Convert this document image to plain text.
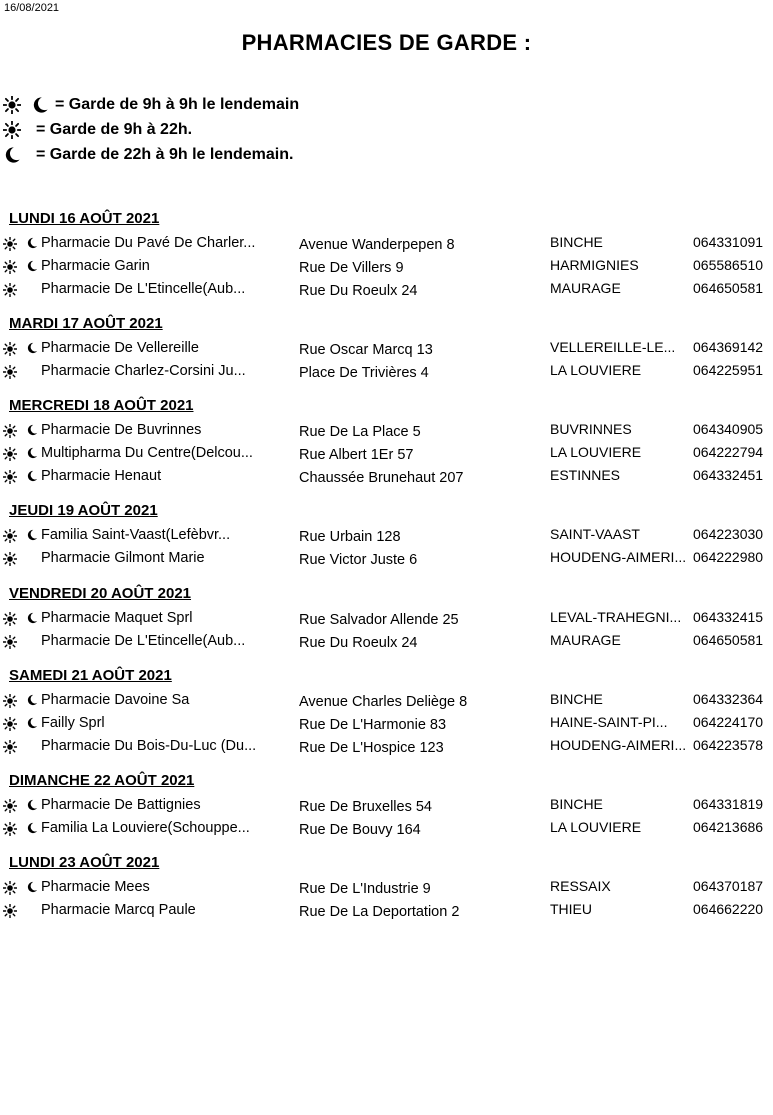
16/08/2021
PHARMACIES DE GARDE :
= Garde de 9h à 9h le lendemain
= Garde de 9h à 22h.
= Garde de 22h à 9h le lendemain.
LUNDI 16 AOÛT 2021
Pharmacie Du Pavé De Charler...	Avenue Wanderpepen 8	BINCHE	064331091
Pharmacie Garin	Rue De Villers 9	HARMIGNIES	065586510
Pharmacie De L'Etincelle(Aub...	Rue Du Roeulx 24	MAURAGE	064650581
MARDI 17 AOÛT 2021
Pharmacie De Vellereille	Rue Oscar Marcq 13	VELLEREILLE-LE... 064369142
Pharmacie Charlez-Corsini Ju...	Place De Trivières 4	LA LOUVIERE	064225951
MERCREDI 18 AOÛT 2021
Pharmacie De Buvrinnes	Rue De La Place 5	BUVRINNES	064340905
Multipharma Du Centre(Delcou...	Rue Albert 1Er 57	LA LOUVIERE	064222794
Pharmacie Henaut	Chaussée Brunehaut 207	ESTINNES	064332451
JEUDI 19 AOÛT 2021
Familia Saint-Vaast(Lefèbvr...	Rue Urbain 128	SAINT-VAAST	064223030
Pharmacie Gilmont Marie	Rue Victor Juste 6	HOUDENG-AIMERI... 064222980
VENDREDI 20 AOÛT 2021
Pharmacie Maquet Sprl	Rue Salvador Allende 25	LEVAL-TRAHEGNI... 064332415
Pharmacie De L'Etincelle(Aub...	Rue Du Roeulx 24	MAURAGE	064650581
SAMEDI 21 AOÛT 2021
Pharmacie Davoine Sa	Avenue Charles Deliège 8	BINCHE	064332364
Failly Sprl	Rue De L'Harmonie 83	HAINE-SAINT-PI... 064224170
Pharmacie Du Bois-Du-Luc (Du...	Rue De L'Hospice 123	HOUDENG-AIMERI... 064223578
DIMANCHE 22 AOÛT 2021
Pharmacie De Battignies	Rue De Bruxelles 54	BINCHE	064331819
Familia La Louviere(Schouppe...	Rue De Bouvy 164	LA LOUVIERE	064213686
LUNDI 23 AOÛT 2021
Pharmacie Mees	Rue De L'Industrie 9	RESSAIX	064370187
Pharmacie Marcq Paule	Rue De La Deportation 2	THIEU	064662220
